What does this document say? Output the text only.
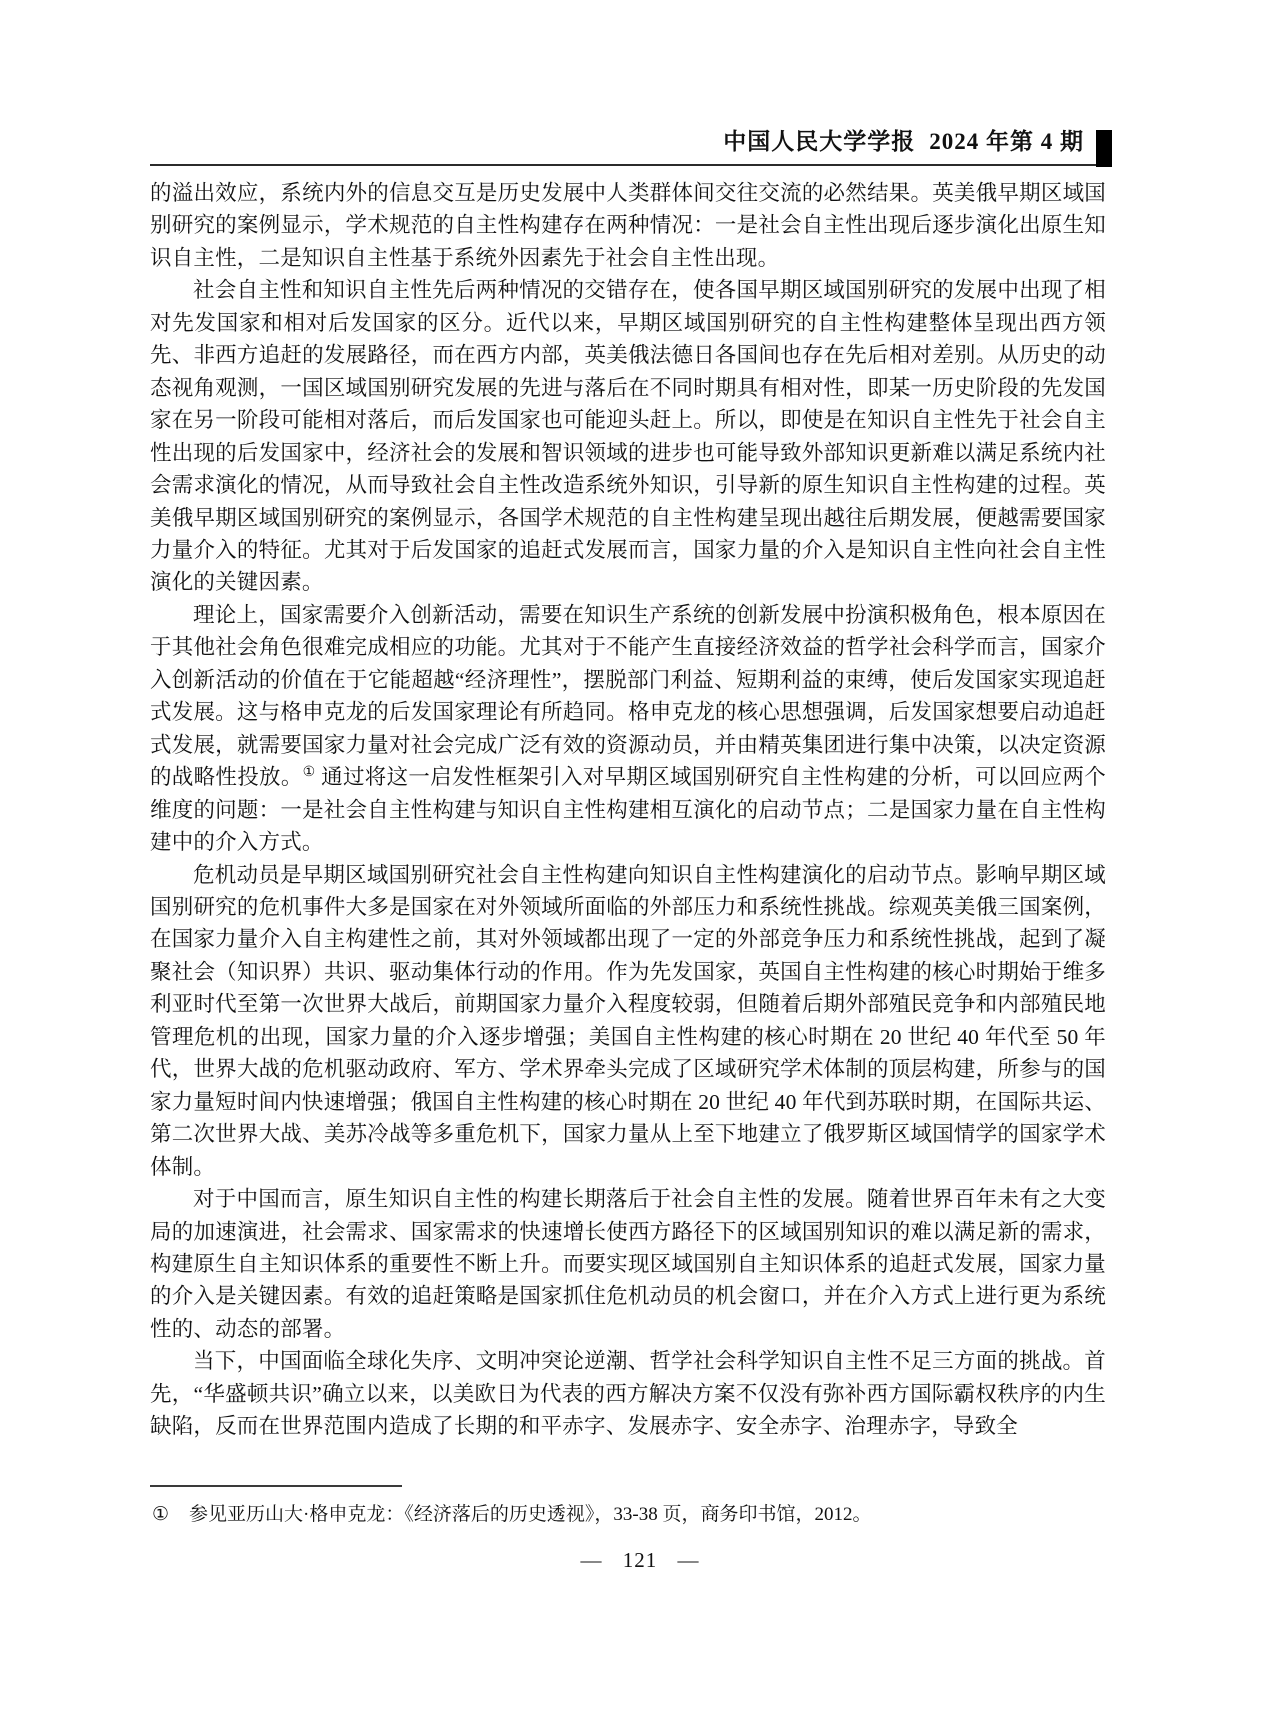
中国人民大学学报 2024 年第 4 期

的溢出效应，系统内外的信息交互是历史发展中人类群体间交往交流的必然结果。英美俄早期区域国别研究的案例显示，学术规范的自主性构建存在两种情况：一是社会自主性出现后逐步演化出原生知识自主性，二是知识自主性基于系统外因素先于社会自主性出现。

社会自主性和知识自主性先后两种情况的交错存在，使各国早期区域国别研究的发展中出现了相对先发国家和相对后发国家的区分。近代以来，早期区域国别研究的自主性构建整体呈现出西方领先、非西方追赶的发展路径，而在西方内部，英美俄法德日各国间也存在先后相对差别。从历史的动态视角观测，一国区域国别研究发展的先进与落后在不同时期具有相对性，即某一历史阶段的先发国家在另一阶段可能相对落后，而后发国家也可能迎头赶上。所以，即使是在知识自主性先于社会自主性出现的后发国家中，经济社会的发展和智识领域的进步也可能导致外部知识更新难以满足系统内社会需求演化的情况，从而导致社会自主性改造系统外知识，引导新的原生知识自主性构建的过程。英美俄早期区域国别研究的案例显示，各国学术规范的自主性构建呈现出越往后期发展，便越需要国家力量介入的特征。尤其对于后发国家的追赶式发展而言，国家力量的介入是知识自主性向社会自主性演化的关键因素。

理论上，国家需要介入创新活动，需要在知识生产系统的创新发展中扮演积极角色，根本原因在于其他社会角色很难完成相应的功能。尤其对于不能产生直接经济效益的哲学社会科学而言，国家介入创新活动的价值在于它能超越“经济理性”，摆脱部门利益、短期利益的束缚，使后发国家实现追赶式发展。这与格申克龙的后发国家理论有所趋同。格申克龙的核心思想强调，后发国家想要启动追赶式发展，就需要国家力量对社会完成广泛有效的资源动员，并由精英集团进行集中决策，以决定资源的战略性投放。① 通过将这一启发性框架引入对早期区域国别研究自主性构建的分析，可以回应两个维度的问题：一是社会自主性构建与知识自主性构建相互演化的启动节点；二是国家力量在自主性构建中的介入方式。

危机动员是早期区域国别研究社会自主性构建向知识自主性构建演化的启动节点。影响早期区域国别研究的危机事件大多是国家在对外领域所面临的外部压力和系统性挑战。综观英美俄三国案例，在国家力量介入自主构建性之前，其对外领域都出现了一定的外部竞争压力和系统性挑战，起到了凝聚社会（知识界）共识、驱动集体行动的作用。作为先发国家，英国自主性构建的核心时期始于维多利亚时代至第一次世界大战后，前期国家力量介入程度较弱，但随着后期外部殖民竞争和内部殖民地管理危机的出现，国家力量的介入逐步增强；美国自主性构建的核心时期在 20 世纪 40 年代至 50 年代，世界大战的危机驱动政府、军方、学术界牵头完成了区域研究学术体制的顶层构建，所参与的国家力量短时间内快速增强；俄国自主性构建的核心时期在 20 世纪 40 年代到苏联时期，在国际共运、第二次世界大战、美苏冷战等多重危机下，国家力量从上至下地建立了俄罗斯区域国情学的国家学术体制。

对于中国而言，原生知识自主性的构建长期落后于社会自主性的发展。随着世界百年未有之大变局的加速演进，社会需求、国家需求的快速增长使西方路径下的区域国别知识的难以满足新的需求，构建原生自主知识体系的重要性不断上升。而要实现区域国别自主知识体系的追赶式发展，国家力量的介入是关键因素。有效的追赶策略是国家抓住危机动员的机会窗口，并在介入方式上进行更为系统性的、动态的部署。

当下，中国面临全球化失序、文明冲突论逆潮、哲学社会科学知识自主性不足三方面的挑战。首先，“华盛顿共识”确立以来，以美欧日为代表的西方解决方案不仅没有弥补西方国际霸权秩序的内生缺陷，反而在世界范围内造成了长期的和平赤字、发展赤字、安全赤字、治理赤字，导致全

① 参见亚历山大·格申克龙：《经济落后的历史透视》，33-38 页，商务印书馆，2012。
— 121 —
